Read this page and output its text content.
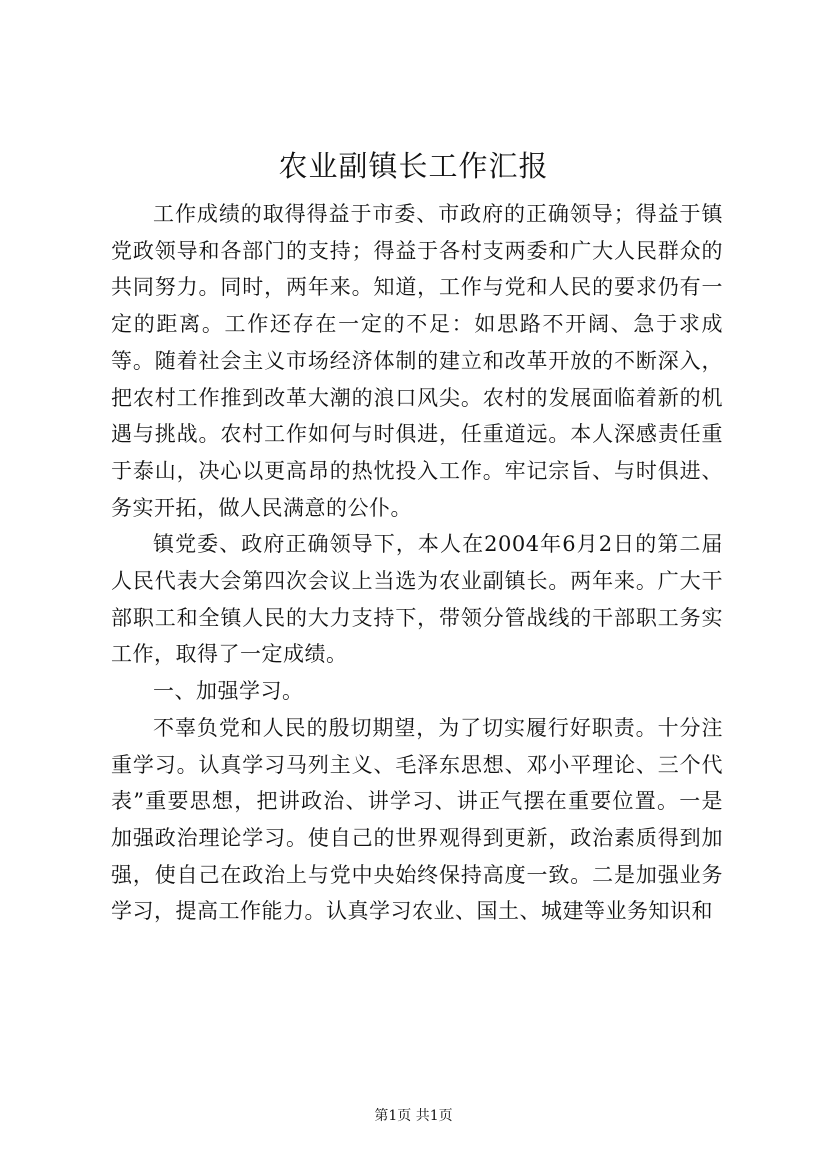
农业副镇长工作汇报

工作成绩的取得得益于市委、市政府的正确领导；得益于镇党政领导和各部门的支持；得益于各村支两委和广大人民群众的共同努力。同时，两年来。知道，工作与党和人民的要求仍有一定的距离。工作还存在一定的不足：如思路不开阔、急于求成等。随着社会主义市场经济体制的建立和改革开放的不断深入，把农村工作推到改革大潮的浪口风尖。农村的发展面临着新的机遇与挑战。农村工作如何与时俱进，任重道远。本人深感责任重于泰山，决心以更高昂的热忱投入工作。牢记宗旨、与时俱进、务实开拓，做人民满意的公仆。

镇党委、政府正确领导下，本人在2004年6月2日的第二届人民代表大会第四次会议上当选为农业副镇长。两年来。广大干部职工和全镇人民的大力支持下，带领分管战线的干部职工务实工作，取得了一定成绩。

一、加强学习。

不辜负党和人民的殷切期望，为了切实履行好职责。十分注重学习。认真学习马列主义、毛泽东思想、邓小平理论、三个代表”重要思想，把讲政治、讲学习、讲正气摆在重要位置。一是加强政治理论学习。使自己的世界观得到更新，政治素质得到加强，使自己在政治上与党中央始终保持高度一致。二是加强业务学习，提高工作能力。认真学习农业、国土、城建等业务知识和

第1页 共1页
